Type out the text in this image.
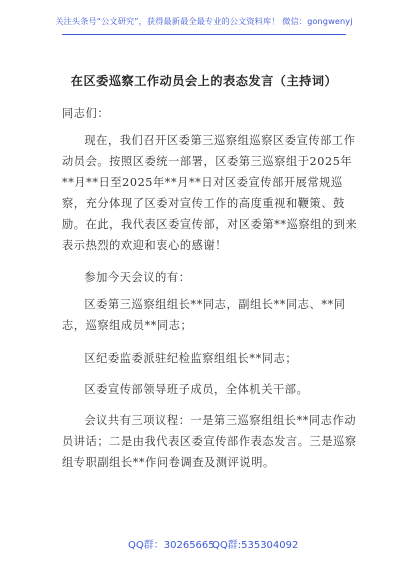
关注头条号“公文研究”，获得最新最全最专业的公文资料库！ 微信：gongwenyj
在区委巡察工作动员会上的表态发言（主持词）

同志们：

现在，我们召开区委第三巡察组巡察区委宣传部工作动员会。按照区委统一部署，区委第三巡察组于2025年**月**日至2025年**月**日对区委宣传部开展常规巡察，充分体现了区委对宣传工作的高度重视和鞭策、鼓励。在此，我代表区委宣传部，对区委第**巡察组的到来表示热烈的欢迎和衷心的感谢！

参加今天会议的有：

区委第三巡察组组长**同志，副组长**同志、**同志，巡察组成员**同志；

区纪委监委派驻纪检监察组组长**同志；

区委宣传部领导班子成员，全体机关干部。

会议共有三项议程：一是第三巡察组组长**同志作动员讲话；二是由我代表区委宣传部作表态发言。三是巡察组专职副组长**作问卷调查及测评说明。

QQ群：30265665
QQ群:535304092
